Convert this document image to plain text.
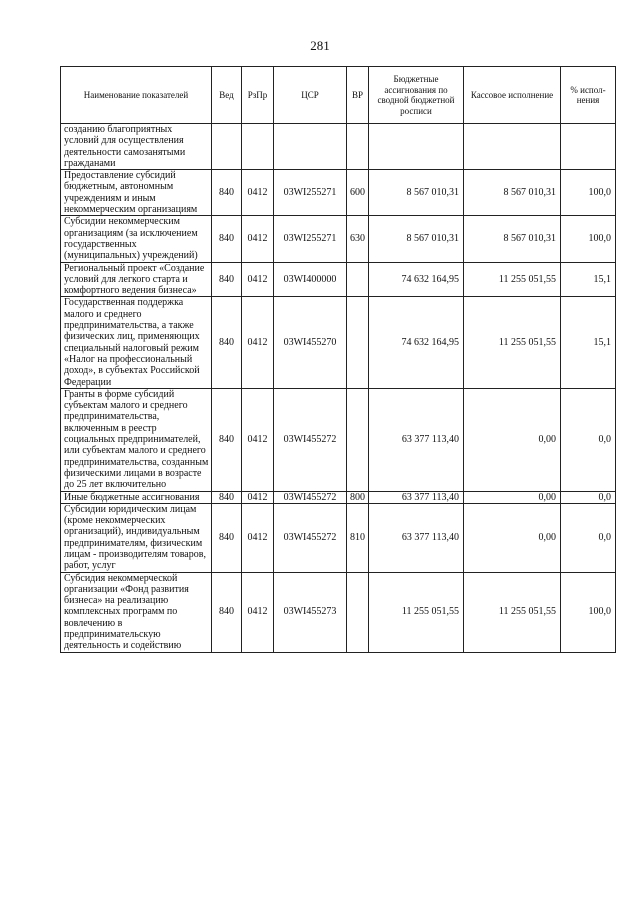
281
Наименование показателей	Вед	РзПр	ЦСР	ВР	Бюджетные ассигнования по сводной бюджетной росписи	Кассовое исполнение	% испол- нения
созданию благоприятных условий для осуществления деятельности самозанятыми гражданами							
Предоставление субсидий бюджетным, автономным учреждениям и иным некоммерческим организациям	840	0412	03WI255271	600	8 567 010,31	8 567 010,31	100,0
Субсидии некоммерческим организациям (за исключением государственных (муниципальных) учреждений)	840	0412	03WI255271	630	8 567 010,31	8 567 010,31	100,0
Региональный проект «Создание условий для легкого старта и комфортного ведения бизнеса»	840	0412	03WI400000		74 632 164,95	11 255 051,55	15,1
Государственная поддержка малого и среднего предпринимательства, а также физических лиц, применяющих специальный налоговый режим «Налог на профессиональный доход», в субъектах Российской Федерации	840	0412	03WI455270		74 632 164,95	11 255 051,55	15,1
Гранты в форме субсидий субъектам малого и среднего предпринимательства, включенным в реестр социальных предпринимателей, или субъектам малого и среднего предпринимательства, созданным физическими лицами в возрасте до 25 лет включительно	840	0412	03WI455272		63 377 113,40	0,00	0,0
Иные бюджетные ассигнования	840	0412	03WI455272	800	63 377 113,40	0,00	0,0
Субсидии юридическим лицам (кроме некоммерческих организаций), индивидуальным предпринимателям, физическим лицам - производителям товаров, работ, услуг	840	0412	03WI455272	810	63 377 113,40	0,00	0,0
Субсидия некоммерческой организации «Фонд развития бизнеса» на реализацию комплексных программ по вовлечению в предпринимательскую деятельность и содействию	840	0412	03WI455273		11 255 051,55	11 255 051,55	100,0
